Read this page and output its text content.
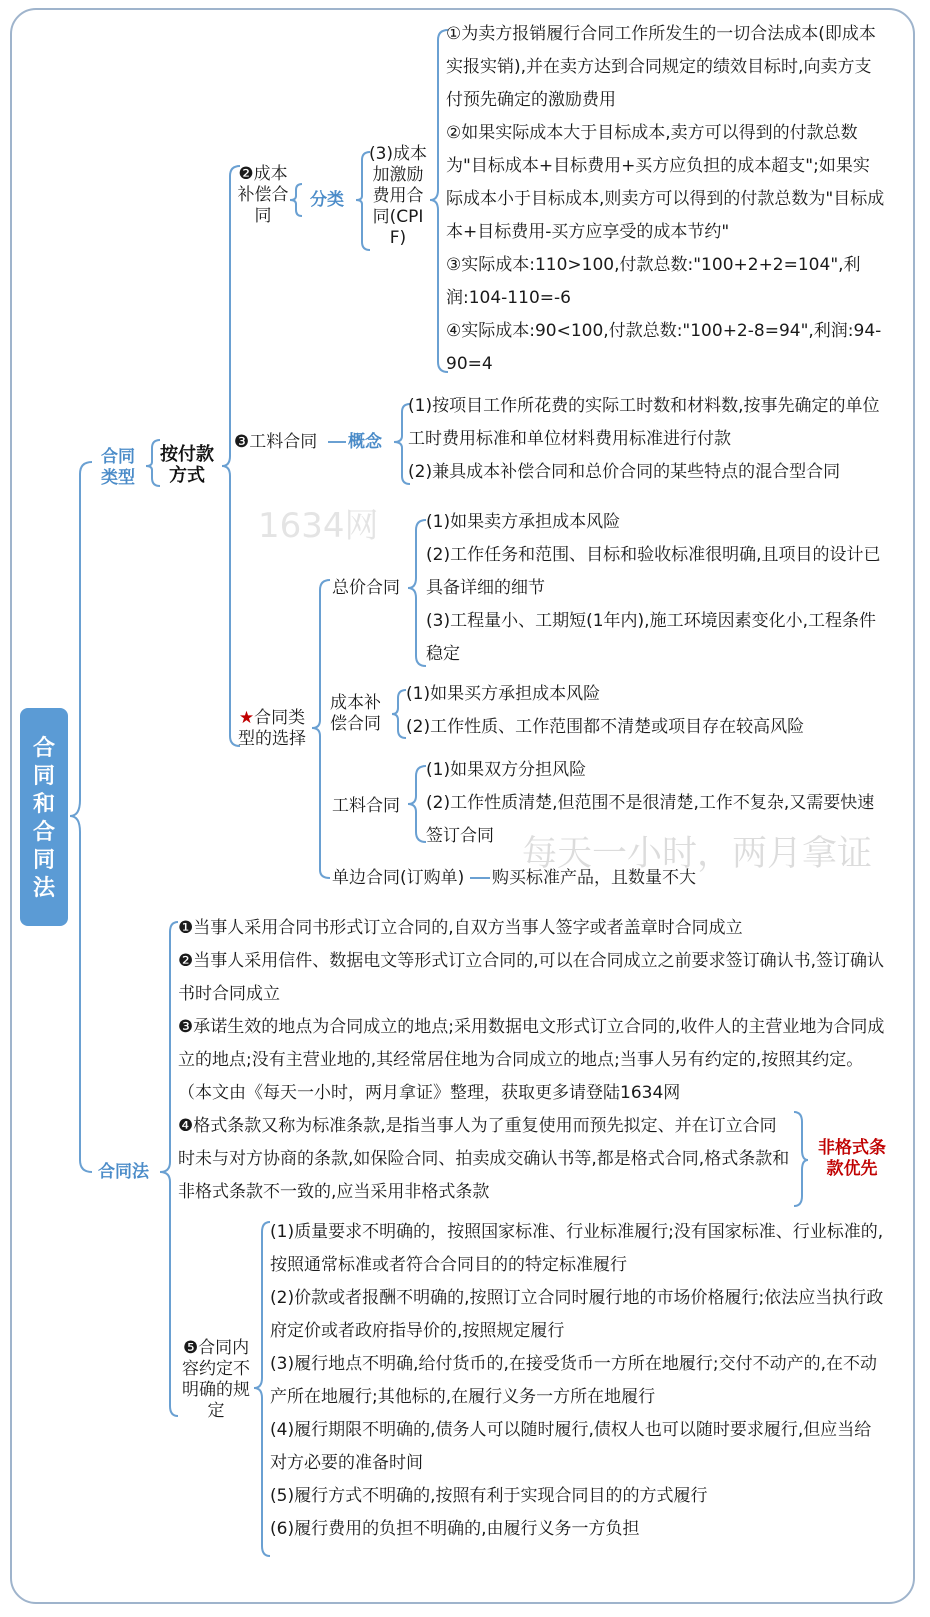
1634网
每天一小时，两月拿证
合同和合同法
合同类型
按付款方式
❷成本补偿合同
分类
(3)成本加激励费用合同(CPIF)
①为卖方报销履行合同工作所发生的一切合法成本(即成本实报实销),并在卖方达到合同规定的绩效目标时,向卖方支付预先确定的激励费用
②如果实际成本大于目标成本,卖方可以得到的付款总数为"目标成本+目标费用+买方应负担的成本超支";如果实际成本小于目标成本,则卖方可以得到的付款总数为"目标成本+目标费用-买方应享受的成本节约"
③实际成本:110>100,付款总数:"100+2+2=104",利润:104-110=-6
④实际成本:90<100,付款总数:"100+2-8=94",利润:94-90=4
❸工料合同 概念
(1)按项目工作所花费的实际工时数和材料数,按事先确定的单位工时费用标准和单位材料费用标准进行付款
(2)兼具成本补偿合同和总价合同的某些特点的混合型合同
★合同类型的选择
总价合同
(1)如果卖方承担成本风险
(2)工作任务和范围、目标和验收标准很明确,且项目的设计已具备详细的细节
(3)工程量小、工期短(1年内),施工环境因素变化小,工程条件稳定
成本补偿合同
(1)如果买方承担成本风险
(2)工作性质、工作范围都不清楚或项目存在较高风险
工料合同
(1)如果双方分担风险
(2)工作性质清楚,但范围不是很清楚,工作不复杂,又需要快速签订合同
单边合同(订购单) 购买标准产品，且数量不大
合同法
❶当事人采用合同书形式订立合同的,自双方当事人签字或者盖章时合同成立
❷当事人采用信件、数据电文等形式订立合同的,可以在合同成立之前要求签订确认书,签订确认书时合同成立
❸承诺生效的地点为合同成立的地点;采用数据电文形式订立合同的,收件人的主营业地为合同成立的地点;没有主营业地的,其经常居住地为合同成立的地点;当事人另有约定的,按照其约定。（本文由《每天一小时，两月拿证》整理，获取更多请登陆1634网
❹格式条款又称为标准条款,是指当事人为了重复使用而预先拟定、并在订立合同时未与对方协商的条款,如保险合同、拍卖成交确认书等,都是格式合同,格式条款和非格式条款不一致的,应当采用非格式条款
非格式条款优先
❺合同内容约定不明确的规定
(1)质量要求不明确的，按照国家标准、行业标准履行;没有国家标准、行业标准的,按照通常标准或者符合合同目的的特定标准履行
(2)价款或者报酬不明确的,按照订立合同时履行地的市场价格履行;依法应当执行政府定价或者政府指导价的,按照规定履行
(3)履行地点不明确,给付货币的,在接受货币一方所在地履行;交付不动产的,在不动产所在地履行;其他标的,在履行义务一方所在地履行
(4)履行期限不明确的,债务人可以随时履行,债权人也可以随时要求履行,但应当给对方必要的准备时间
(5)履行方式不明确的,按照有利于实现合同目的的方式履行
(6)履行费用的负担不明确的,由履行义务一方负担
